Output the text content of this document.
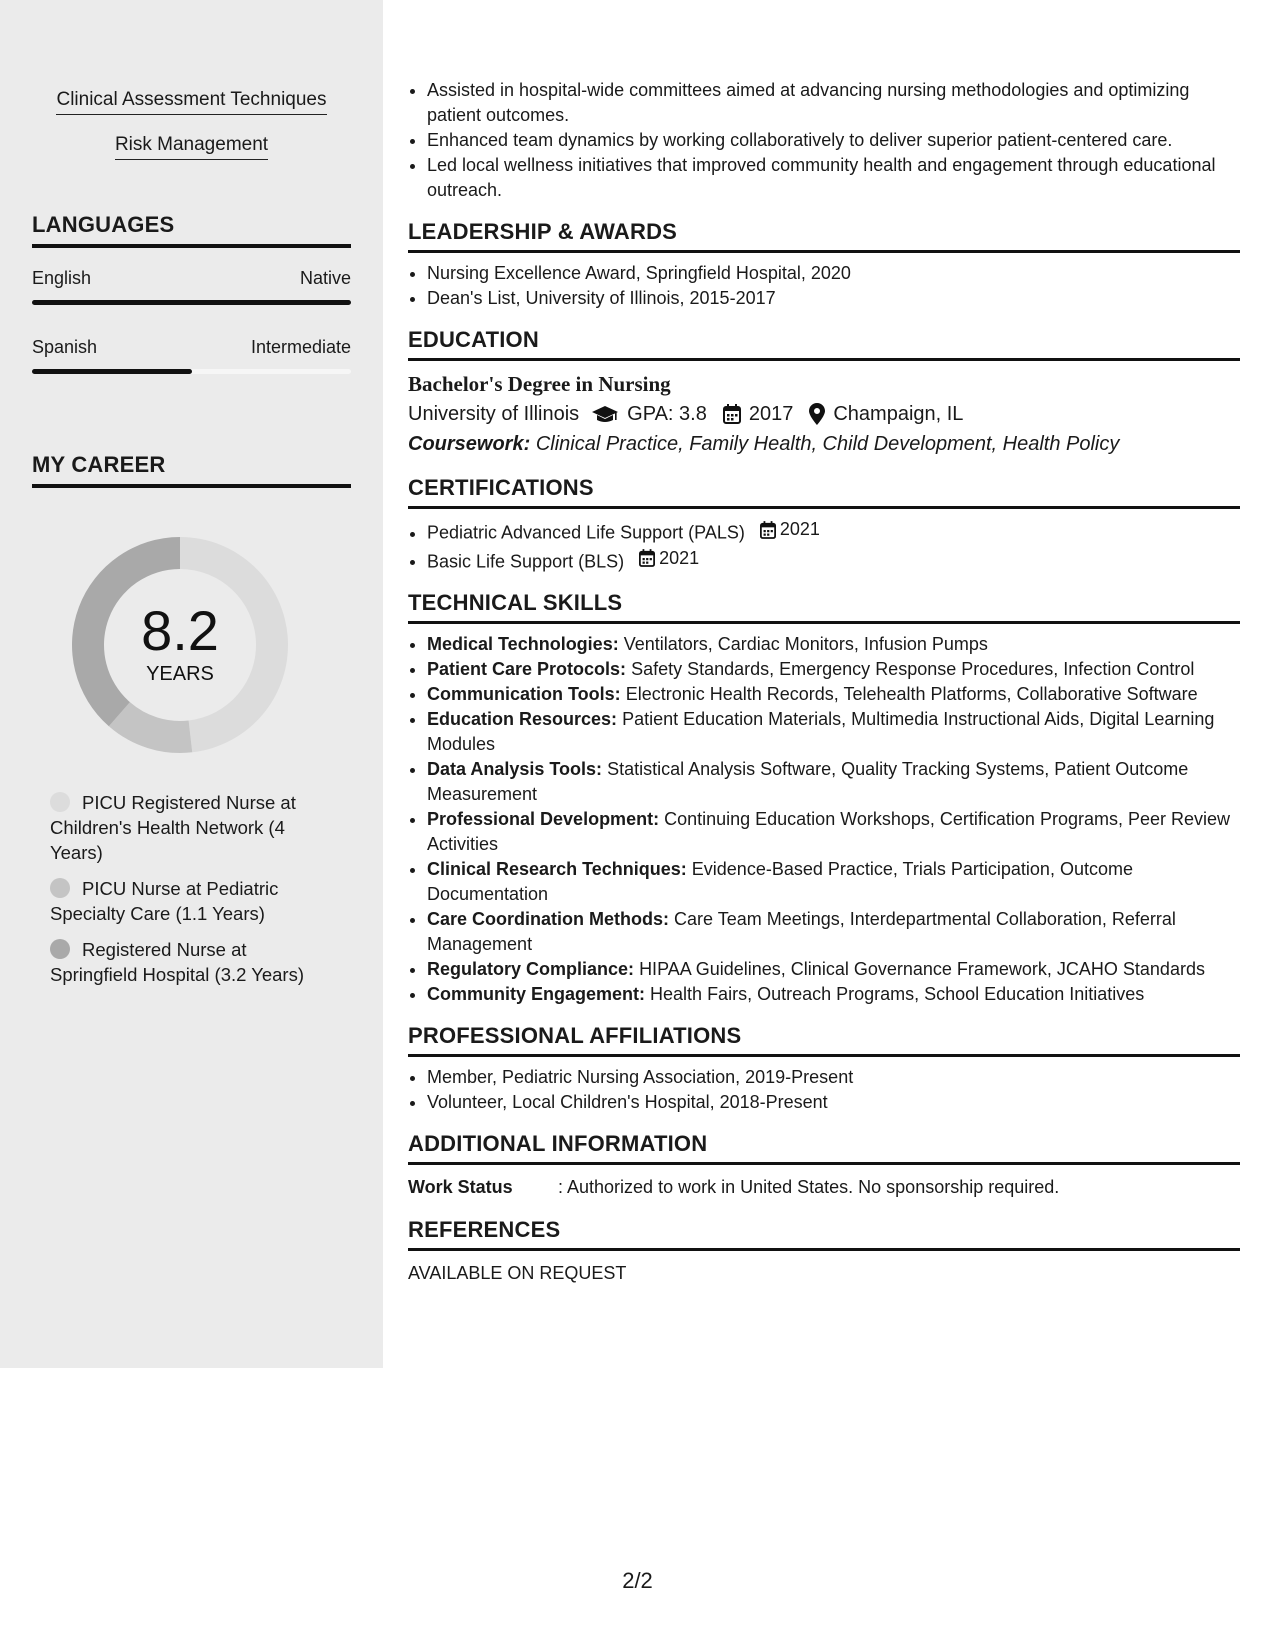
Clinical Assessment Techniques
Risk Management
LANGUAGES
English	Native
Spanish	Intermediate
MY CAREER
8.2
YEARS
PICU Registered Nurse at Children's Health Network (4 Years)
PICU Nurse at Pediatric Specialty Care (1.1 Years)
Registered Nurse at Springfield Hospital (3.2 Years)
• Assisted in hospital-wide committees aimed at advancing nursing methodologies and optimizing patient outcomes.
• Enhanced team dynamics by working collaboratively to deliver superior patient-centered care.
• Led local wellness initiatives that improved community health and engagement through educational outreach.
LEADERSHIP & AWARDS
• Nursing Excellence Award, Springfield Hospital, 2020
• Dean's List, University of Illinois, 2015-2017
EDUCATION
Bachelor's Degree in Nursing
University of Illinois GPA: 3.8 2017 Champaign, IL
Coursework: Clinical Practice, Family Health, Child Development, Health Policy
CERTIFICATIONS
• Pediatric Advanced Life Support (PALS) 2021
• Basic Life Support (BLS) 2021
TECHNICAL SKILLS
• Medical Technologies: Ventilators, Cardiac Monitors, Infusion Pumps
• Patient Care Protocols: Safety Standards, Emergency Response Procedures, Infection Control
• Communication Tools: Electronic Health Records, Telehealth Platforms, Collaborative Software
• Education Resources: Patient Education Materials, Multimedia Instructional Aids, Digital Learning Modules
• Data Analysis Tools: Statistical Analysis Software, Quality Tracking Systems, Patient Outcome Measurement
• Professional Development: Continuing Education Workshops, Certification Programs, Peer Review Activities
• Clinical Research Techniques: Evidence-Based Practice, Trials Participation, Outcome Documentation
• Care Coordination Methods: Care Team Meetings, Interdepartmental Collaboration, Referral Management
• Regulatory Compliance: HIPAA Guidelines, Clinical Governance Framework, JCAHO Standards
• Community Engagement: Health Fairs, Outreach Programs, School Education Initiatives
PROFESSIONAL AFFILIATIONS
• Member, Pediatric Nursing Association, 2019-Present
• Volunteer, Local Children's Hospital, 2018-Present
ADDITIONAL INFORMATION
Work Status	: Authorized to work in United States. No sponsorship required.
REFERENCES
AVAILABLE ON REQUEST
2/2
